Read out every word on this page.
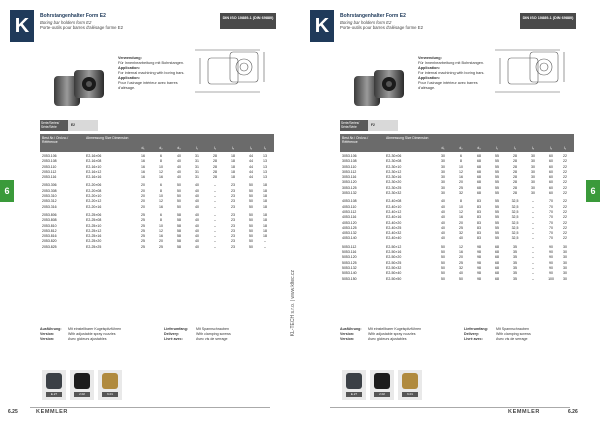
K	Bohrstangenhalter Form E2
Boring bar holders form E2
Porte-outils pour barres d'alésage forme E2
DIN ISO 10889-1 (DIN 69880)
Verwendung:
Für Innenbearbeitung mit Bohrstangen.
Application:
For internal machining with boring bars.
Application:
Pour l'usinage intérieur avec barres d'alésage.
Serie/Series/ Série/Série	E2
Best.Nr./ Ord.no./ Référence
Abmessung Size Dimension
d₁	d₂	d₃	l₁	l₂	l₃	l₄	l₅	l₆
2053.106	E2-16×06	16	6	40	31	28	18	44	13
2053.108	E2-16×08	16	8	40	31	28	18	44	13
2053.110	E2-16×10	16	10	40	31	28	18	44	13
2053.112	E2-16×12	16	12	40	31	28	18	44	13
2053.116	E2-16×16	16	16	40	31	28	18	44	13
2053.306	E2-20×06	20	6	50	40	–	23	50	18
2053.308	E2-20×08	20	8	50	40	–	23	50	18
2053.310	E2-20×10	20	10	50	40	–	23	50	18
2053.312	E2-20×12	20	12	50	40	–	23	50	18
2053.316	E2-20×16	20	16	50	40	–	23	50	18
2053.806	E2-25×06	25	6	58	40	–	23	50	18
2053.808	E2-25×08	25	8	58	40	–	23	50	18
2053.810	E2-25×10	25	10	58	40	–	23	50	18
2053.812	E2-25×12	25	12	58	40	–	23	50	18
2053.816	E2-25×16	25	16	58	40	–	23	50	18
2053.820	E2-25×20	25	20	58	40	–	23	50	–
2053.825	E2-25×25	25	25	58	40	–	23	50	–
Ausführung:
Version:
Version:
Mit einstellbarer Kugelspitzführen
With adjustable spray nozzles
Avec gicleurs ajustables
Lieferumfang:
Delivery:
Livré avec:
Mit Spannschrauben
With clamping screws
Avec vis de serrage
E.27	2.02	6.01
6.25	KEMMLER
6
KL-TECH s.r.o. | www.kltec.cz
K	Bohrstangenhalter Form E2
Boring bar holders form E2
Porte-outils pour barres d'alésage forme E2
DIN ISO 10889-1 (DIN 69880)
Verwendung:
Für Innenbearbeitung mit Bohrstangen.
Application:
For internal machining with boring bars.
Application:
Pour l'usinage intérieur avec barres d'alésage.
Serie/Series/ Série/Série	F2
Best.Nr./ Ord.no./ Référence
Abmessung Size Dimension
d₁	d₂	d₃	l₁	l₂	l₃	l₄	l₅	l₆
3053.106	E2-30×06	30	6	68	55	28	30	60	22
3053.108	E2-30×08	30	8	68	55	28	30	60	22
3053.110	E2-30×10	30	10	68	55	28	30	60	22
3053.112	E2-30×12	30	12	68	55	28	30	60	22
3053.116	E2-30×16	30	16	68	55	28	30	60	22
3053.120	E2-30×20	30	20	68	55	28	30	60	22
3053.125	E2-30×25	30	25	68	55	28	30	60	22
3053.132	E2-30×32	30	32	68	55	28	30	60	22
4053.108	E2-40×08	40	8	83	55	32,5	–	70	22
4053.110	E2-40×10	40	10	83	55	32,5	–	70	22
4053.112	E2-40×12	40	12	83	55	32,5	–	70	22
4053.116	E2-40×16	40	16	83	55	32,5	–	70	22
4053.120	E2-40×20	40	20	83	55	32,5	–	70	22
4053.125	E2-40×25	40	25	83	55	32,5	–	70	22
4053.132	E2-40×32	40	32	83	55	32,5	–	70	22
4053.140	E2-40×40	40	40	83	55	32,5	–	70	22
5053.112	E2-50×12	50	12	98	68	35	–	90	30
5053.116	E2-50×16	50	16	98	68	35	–	90	30
5053.120	E2-50×20	50	20	98	68	35	–	90	30
5053.125	E2-50×25	50	25	98	68	35	–	90	30
5053.132	E2-50×32	50	32	98	68	35	–	90	30
5053.140	E2-50×40	50	40	98	68	35	–	90	30
5053.150	E2-50×50	50	50	98	68	35	–	100	30
Ausführung:
Version:
Version:
Mit einstellbarer Kugelspitzführen
With adjustable spray nozzles
Avec gicleurs ajustables
Lieferumfang:
Delivery:
Livré avec:
Mit Spannschrauben
With clamping screws
Avec vis de serrage
E.27	2.02	6.01
KEMMLER	6.26
6
